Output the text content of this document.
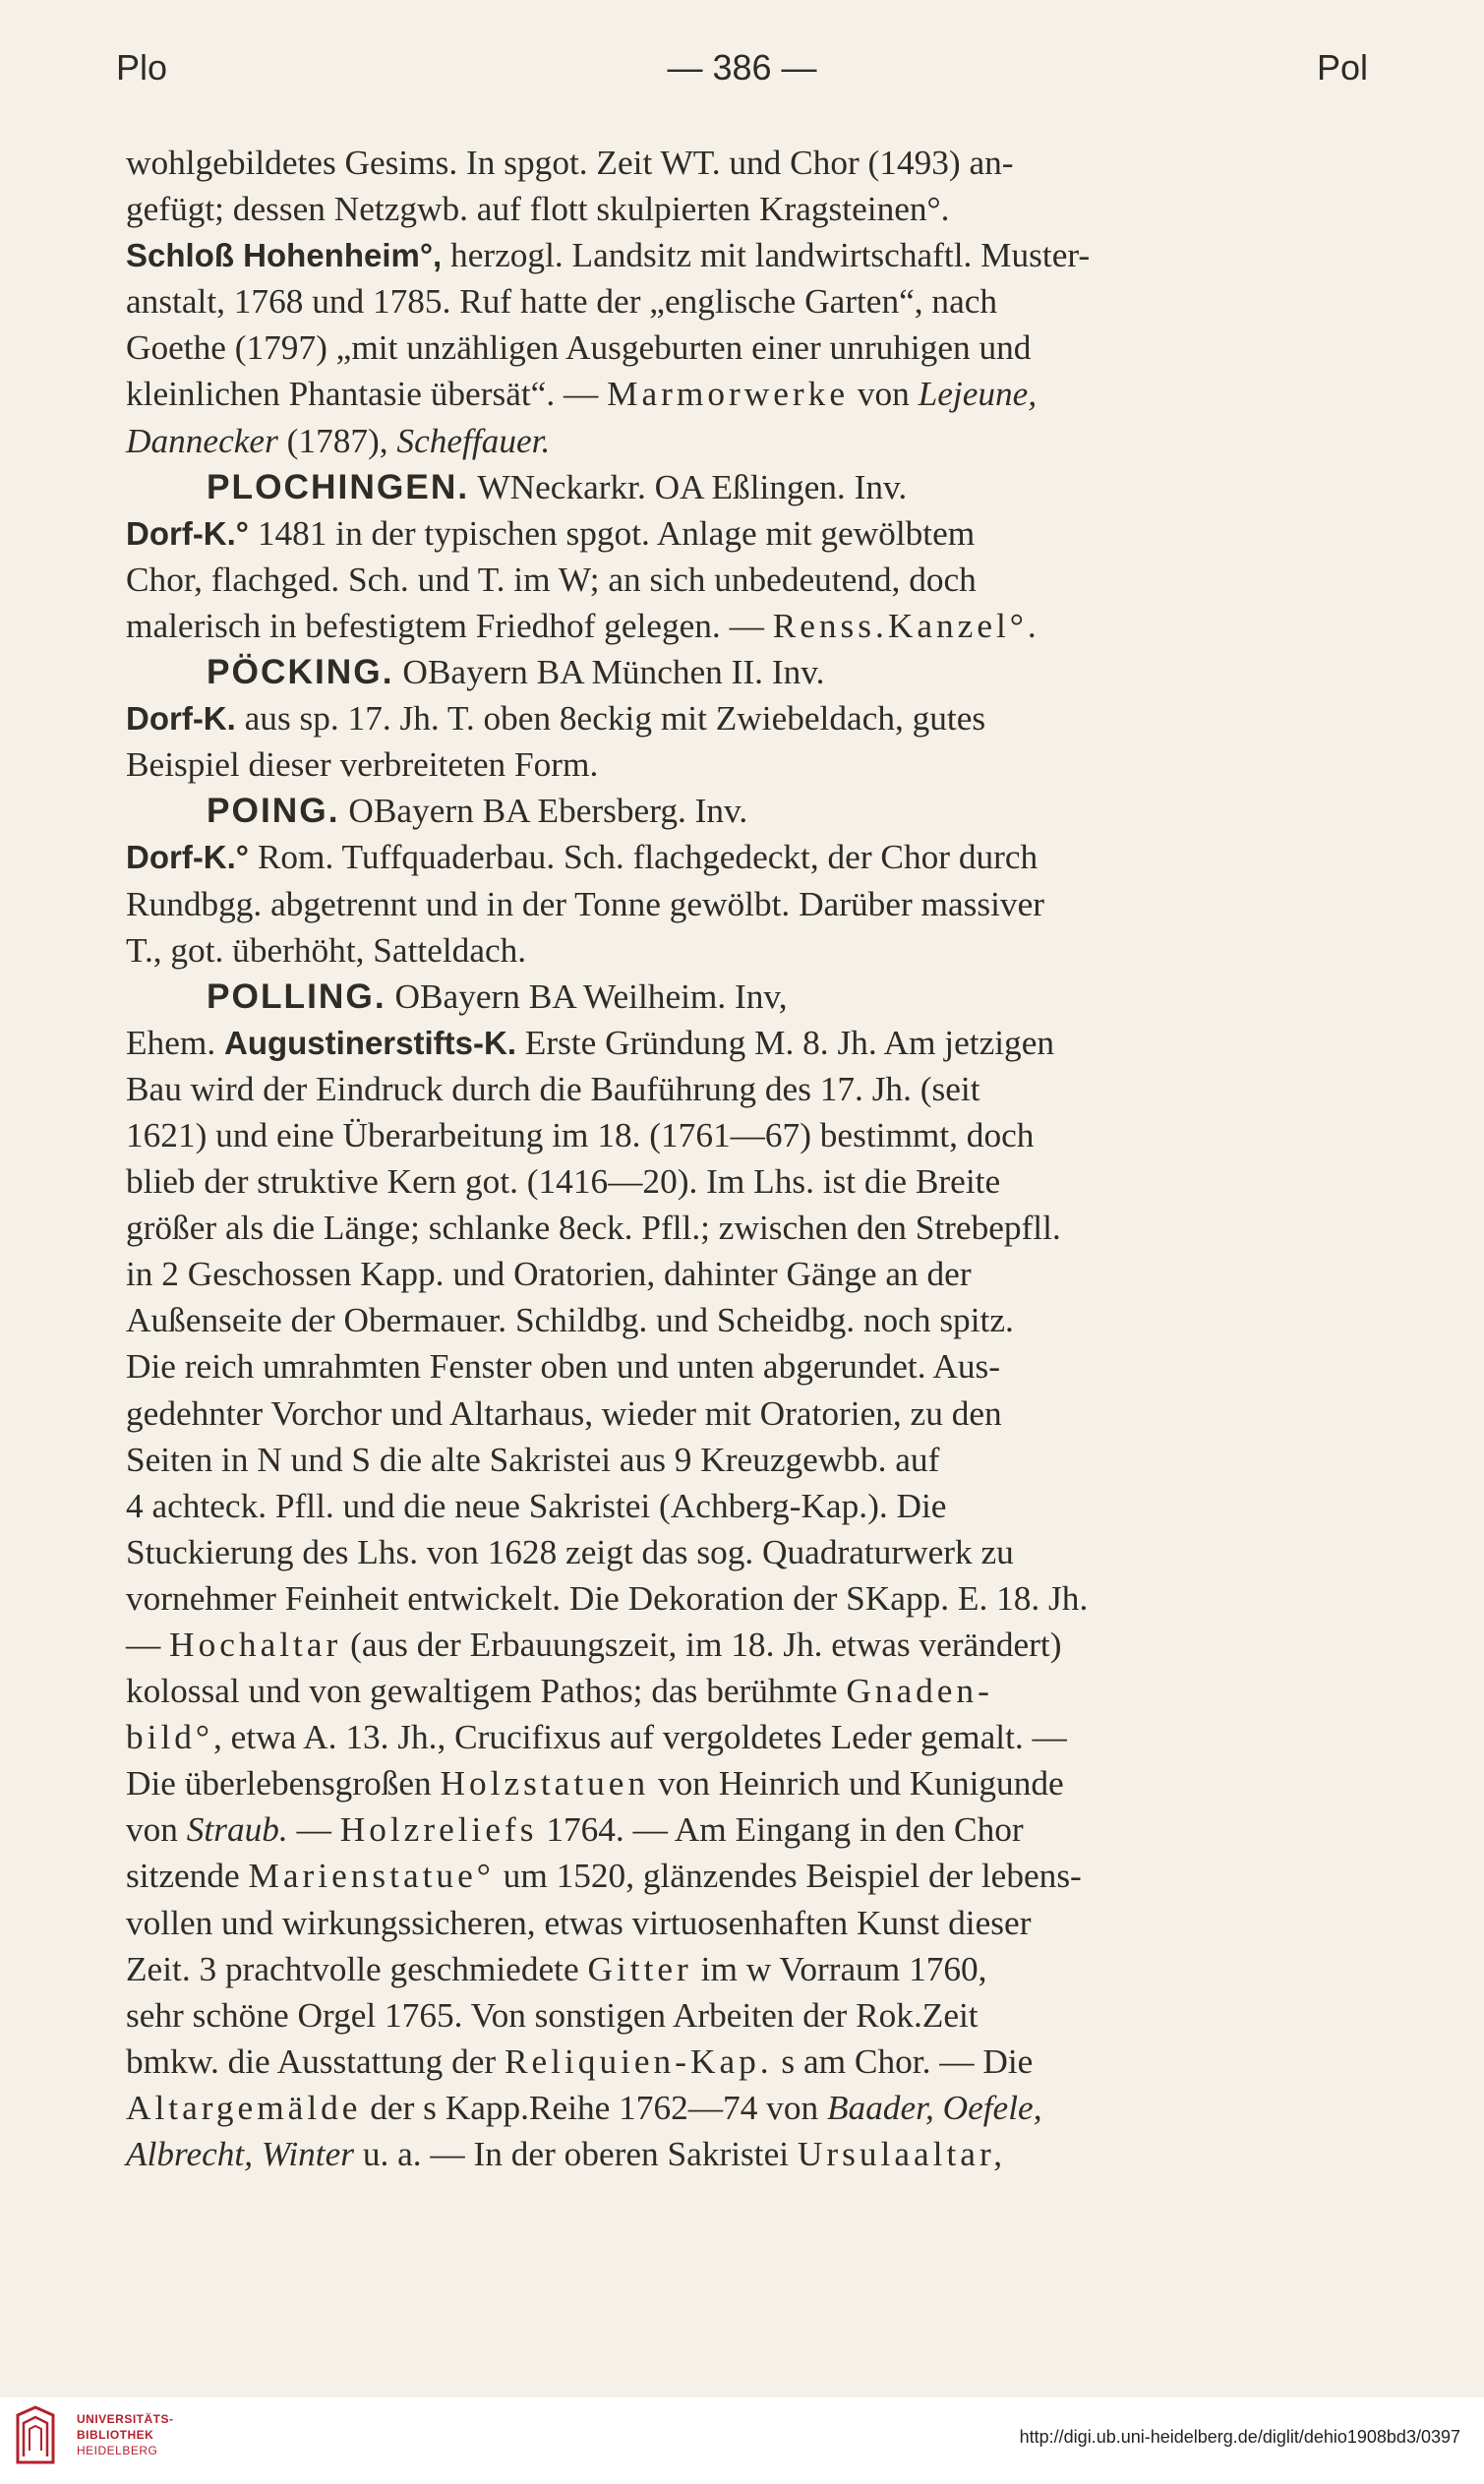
Plo	— 386 —	Pol
wohlgebildetes Gesims. In spgot. Zeit WT. und Chor (1493) an-
gefügt; dessen Netzgwb. auf flott skulpierten Kragsteinen°.
Schloß Hohenheim°, herzogl. Landsitz mit landwirtschaftl. Muster-
anstalt, 1768 und 1785. Ruf hatte der „englische Garten“, nach
Goethe (1797) „mit unzähligen Ausgeburten einer unruhigen und
kleinlichen Phantasie übersät“. — Marmorwerke von Lejeune,
Dannecker (1787), Scheffauer.
PLOCHINGEN. WNeckarkr. OA Eßlingen. Inv.
Dorf-K.° 1481 in der typischen spgot. Anlage mit gewölbtem
Chor, flachged. Sch. und T. im W; an sich unbedeutend, doch
malerisch in befestigtem Friedhof gelegen. — Renss.Kanzel°.
PÖCKING. OBayern BA München II. Inv.
Dorf-K. aus sp. 17. Jh. T. oben 8eckig mit Zwiebeldach, gutes
Beispiel dieser verbreiteten Form.
POING. OBayern BA Ebersberg. Inv.
Dorf-K.° Rom. Tuffquaderbau. Sch. flachgedeckt, der Chor durch
Rundbgg. abgetrennt und in der Tonne gewölbt. Darüber massiver
T., got. überhöht, Satteldach.
POLLING. OBayern BA Weilheim. Inv,
Ehem. Augustinerstifts-K. Erste Gründung M. 8. Jh. Am jetzigen
Bau wird der Eindruck durch die Bauführung des 17. Jh. (seit
1621) und eine Überarbeitung im 18. (1761—67) bestimmt, doch
blieb der struktive Kern got. (1416—20). Im Lhs. ist die Breite
größer als die Länge; schlanke 8eck. Pfll.; zwischen den Strebepfll.
in 2 Geschossen Kapp. und Oratorien, dahinter Gänge an der
Außenseite der Obermauer. Schildbg. und Scheidbg. noch spitz.
Die reich umrahmten Fenster oben und unten abgerundet. Aus-
gedehnter Vorchor und Altarhaus, wieder mit Oratorien, zu den
Seiten in N und S die alte Sakristei aus 9 Kreuzgewbb. auf
4 achteck. Pfll. und die neue Sakristei (Achberg-Kap.). Die
Stuckierung des Lhs. von 1628 zeigt das sog. Quadraturwerk zu
vornehmer Feinheit entwickelt. Die Dekoration der SKapp. E. 18. Jh.
— Hochaltar (aus der Erbauungszeit, im 18. Jh. etwas verändert)
kolossal und von gewaltigem Pathos; das berühmte Gnaden-
bild°, etwa A. 13. Jh., Crucifixus auf vergoldetes Leder gemalt. —
Die überlebensgroßen Holzstatuen von Heinrich und Kunigunde
von Straub. — Holzreliefs 1764. — Am Eingang in den Chor
sitzende Marienstatue° um 1520, glänzendes Beispiel der lebens-
vollen und wirkungssicheren, etwas virtuosenhaften Kunst dieser
Zeit. 3 prachtvolle geschmiedete Gitter im w Vorraum 1760,
sehr schöne Orgel 1765. Von sonstigen Arbeiten der Rok.Zeit
bmkw. die Ausstattung der Reliquien-Kap. s am Chor. — Die
Altargemälde der s Kapp.Reihe 1762—74 von Baader, Oefele,
Albrecht, Winter u. a. — In der oberen Sakristei Ursulaaltar,
UNIVERSITÄTS-
BIBLIOTHEK
HEIDELBERG
http://digi.ub.uni-heidelberg.de/diglit/dehio1908bd3/0397
